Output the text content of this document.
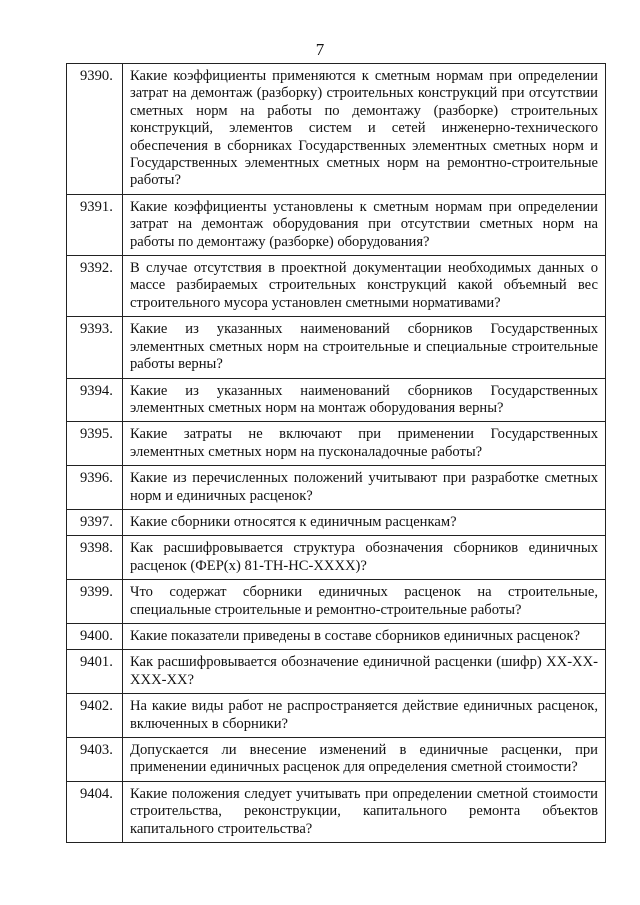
7
9390.	Какие коэффициенты применяются к сметным нормам при определении затрат на демонтаж (разборку) строительных конструкций при отсутствии сметных норм на работы по демонтажу (разборке) строительных конструкций, элементов систем и сетей инженерно-технического обеспечения в сборниках Государственных элементных сметных норм и Государственных элементных сметных норм на ремонтно-строительные работы?
9391.	Какие коэффициенты установлены к сметным нормам при определении затрат на демонтаж оборудования при отсутствии сметных норм на работы по демонтажу (разборке) оборудования?
9392.	В случае отсутствия в проектной документации необходимых данных о массе разбираемых строительных конструкций какой объемный вес строительного мусора установлен сметными нормативами?
9393.	Какие из указанных наименований сборников Государственных элементных сметных норм на строительные и специальные строительные работы верны?
9394.	Какие из указанных наименований сборников Государственных элементных сметных норм на монтаж оборудования верны?
9395.	Какие затраты не включают при применении Государственных элементных сметных норм на пусконаладочные работы?
9396.	Какие из перечисленных положений учитывают при разработке сметных норм и единичных расценок?
9397.	Какие сборники относятся к единичным расценкам?
9398.	Как расшифровывается структура обозначения сборников единичных расценок (ФЕР(х) 81-ТН-НС-ХХХХ)?
9399.	Что содержат сборники единичных расценок на строительные, специальные строительные и ремонтно-строительные работы?
9400.	Какие показатели приведены в составе сборников единичных расценок?
9401.	Как расшифровывается обозначение единичной расценки (шифр) ХХ-ХХ-ХХХ-ХХ?
9402.	На какие виды работ не распространяется действие единичных расценок, включенных в сборники?
9403.	Допускается ли внесение изменений в единичные расценки, при применении единичных расценок для определения сметной стоимости?
9404.	Какие положения следует учитывать при определении сметной стоимости строительства, реконструкции, капитального ремонта объектов капитального строительства?
